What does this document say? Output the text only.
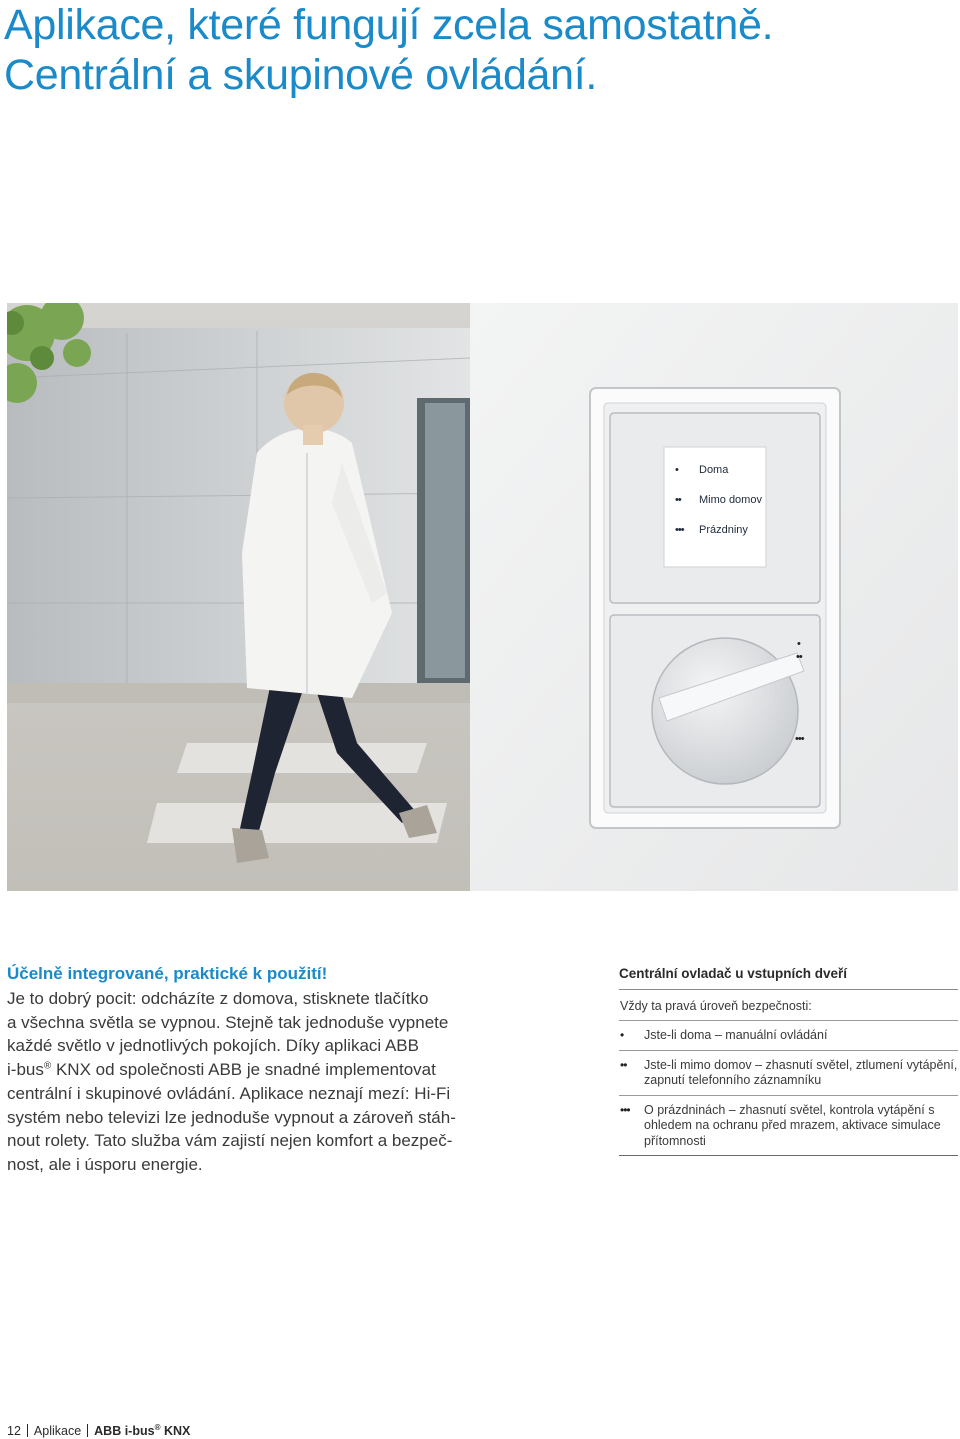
Aplikace, které fungují zcela samostatně.
Centrální a skupinové ovládání.
•	Doma
••	Mimo domov
•••	Prázdniny
•
••
•••
Účelně integrované, praktické k použití!

Je to dobrý pocit: odcházíte z domova, stisknete tlačítko
a všechna světla se vypnou. Stejně tak jednoduše vypnete
každé světlo v jednotlivých pokojích. Díky aplikaci ABB
i-bus® KNX od společnosti ABB je snadné implementovat
centrální i skupinové ovládání. Aplikace neznají mezí: Hi-Fi
systém nebo televizi lze jednoduše vypnout a zároveň stáh-
nout rolety. Tato služba vám zajistí nejen komfort a bezpeč-
nost, ale i úsporu energie.

Centrální ovladač u vstupních dveří
Vždy ta pravá úroveň bezpečnosti:
•	Jste-li doma – manuální ovládání
••	Jste-li mimo domov – zhasnutí světel, ztlumení vytápění, zapnutí telefonního záznamníku
•••	O prázdninách – zhasnutí světel, kontrola vytápění s ohledem na ochranu před mrazem, aktivace simulace přítomnosti
12 Aplikace ABB i-bus® KNX
